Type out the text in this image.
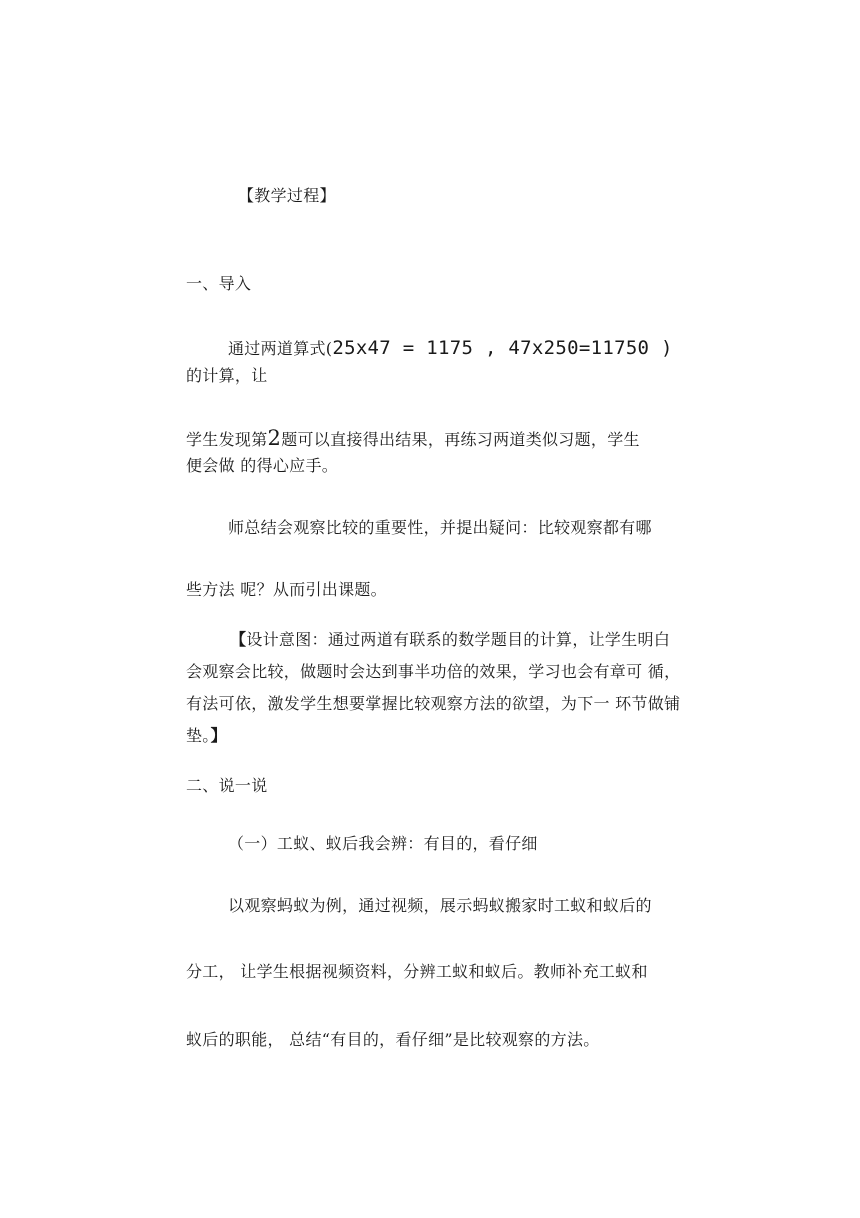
【教学过程】
一、导入
通过两道算式(25x47 = 1175 , 47x250=11750 )
的计算，让
学生发现第2题可以直接得出结果，再练习两道类似习题，学生
便会做 的得心应手。
师总结会观察比较的重要性，并提出疑问：比较观察都有哪
些方法 呢？从而引出课题。
【设计意图：通过两道有联系的数学题目的计算，让学生明白 会观察会比较，做题时会达到事半功倍的效果，学习也会有章可 循，有法可依，激发学生想要掌握比较观察方法的欲望，为下一 环节做铺垫。】
二、说一说
（一）工蚁、蚁后我会辨：有目的，看仔细
以观察蚂蚁为例，通过视频，展示蚂蚁搬家时工蚁和蚁后的
分工， 让学生根据视频资料，分辨工蚁和蚁后。教师补充工蚁和
蚁后的职能， 总结“有目的，看仔细”是比较观察的方法。
